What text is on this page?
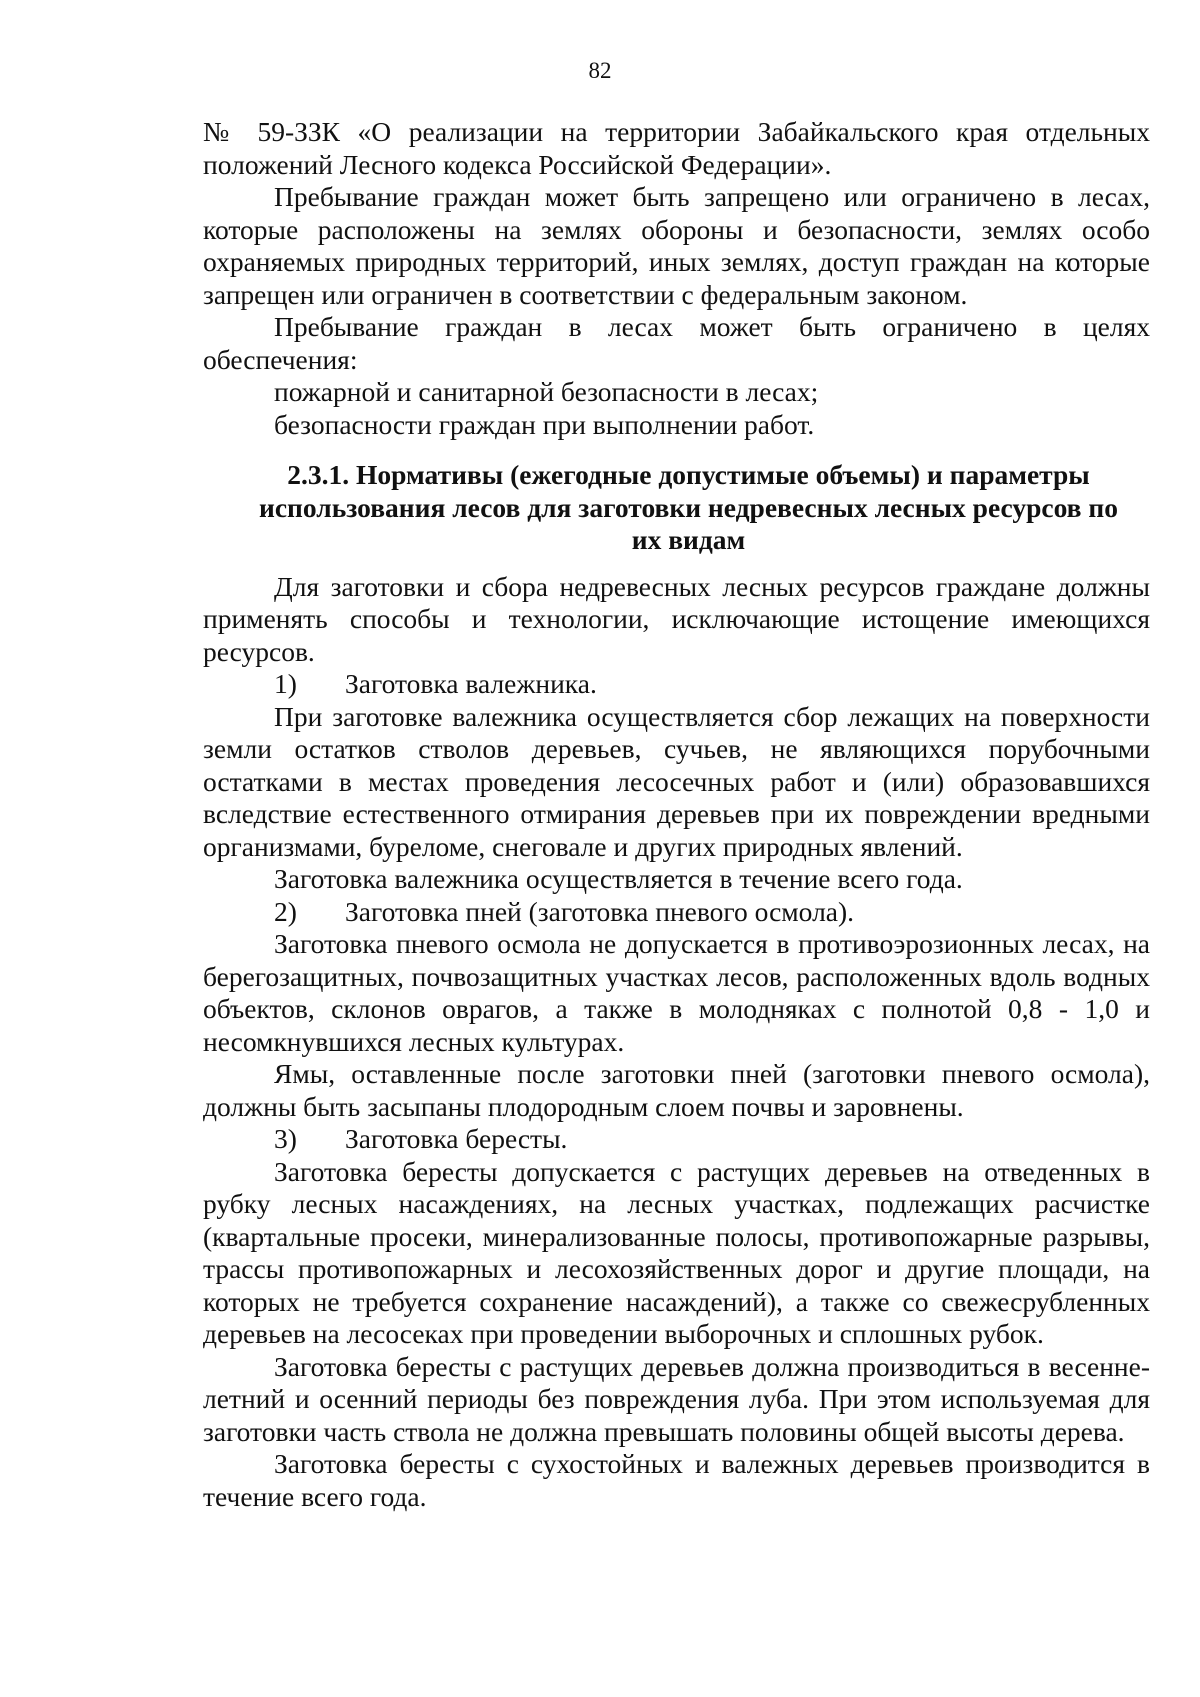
82

№ 59-ЗЗК «О реализации на территории Забайкальского края отдельных положений Лесного кодекса Российской Федерации».

Пребывание граждан может быть запрещено или ограничено в лесах, которые расположены на землях обороны и безопасности, землях особо охраняемых природных территорий, иных землях, доступ граждан на которые запрещен или ограничен в соответствии с федеральным законом.

Пребывание граждан в лесах может быть ограничено в целях обеспечения:

пожарной и санитарной безопасности в лесах;

безопасности граждан при выполнении работ.

2.3.1. Нормативы (ежегодные допустимые объемы) и параметры использования лесов для заготовки недревесных лесных ресурсов по их видам

Для заготовки и сбора недревесных лесных ресурсов граждане должны применять способы и технологии, исключающие истощение имеющихся ресурсов.

1) Заготовка валежника.

При заготовке валежника осуществляется сбор лежащих на поверхности земли остатков стволов деревьев, сучьев, не являющихся порубочными остатками в местах проведения лесосечных работ и (или) образовавшихся вследствие естественного отмирания деревьев при их повреждении вредными организмами, буреломе, снеговале и других природных явлений.

Заготовка валежника осуществляется в течение всего года.

2) Заготовка пней (заготовка пневого осмола).

Заготовка пневого осмола не допускается в противоэрозионных лесах, на берегозащитных, почвозащитных участках лесов, расположенных вдоль водных объектов, склонов оврагов, а также в молодняках с полнотой 0,8 - 1,0 и несомкнувшихся лесных культурах.

Ямы, оставленные после заготовки пней (заготовки пневого осмола), должны быть засыпаны плодородным слоем почвы и заровнены.

3) Заготовка бересты.

Заготовка бересты допускается с растущих деревьев на отведенных в рубку лесных насаждениях, на лесных участках, подлежащих расчистке (квартальные просеки, минерализованные полосы, противопожарные разрывы, трассы противопожарных и лесохозяйственных дорог и другие площади, на которых не требуется сохранение насаждений), а также со свежесрубленных деревьев на лесосеках при проведении выборочных и сплошных рубок.

Заготовка бересты с растущих деревьев должна производиться в весенне-летний и осенний периоды без повреждения луба. При этом используемая для заготовки часть ствола не должна превышать половины общей высоты дерева.

Заготовка бересты с сухостойных и валежных деревьев производится в течение всего года.
